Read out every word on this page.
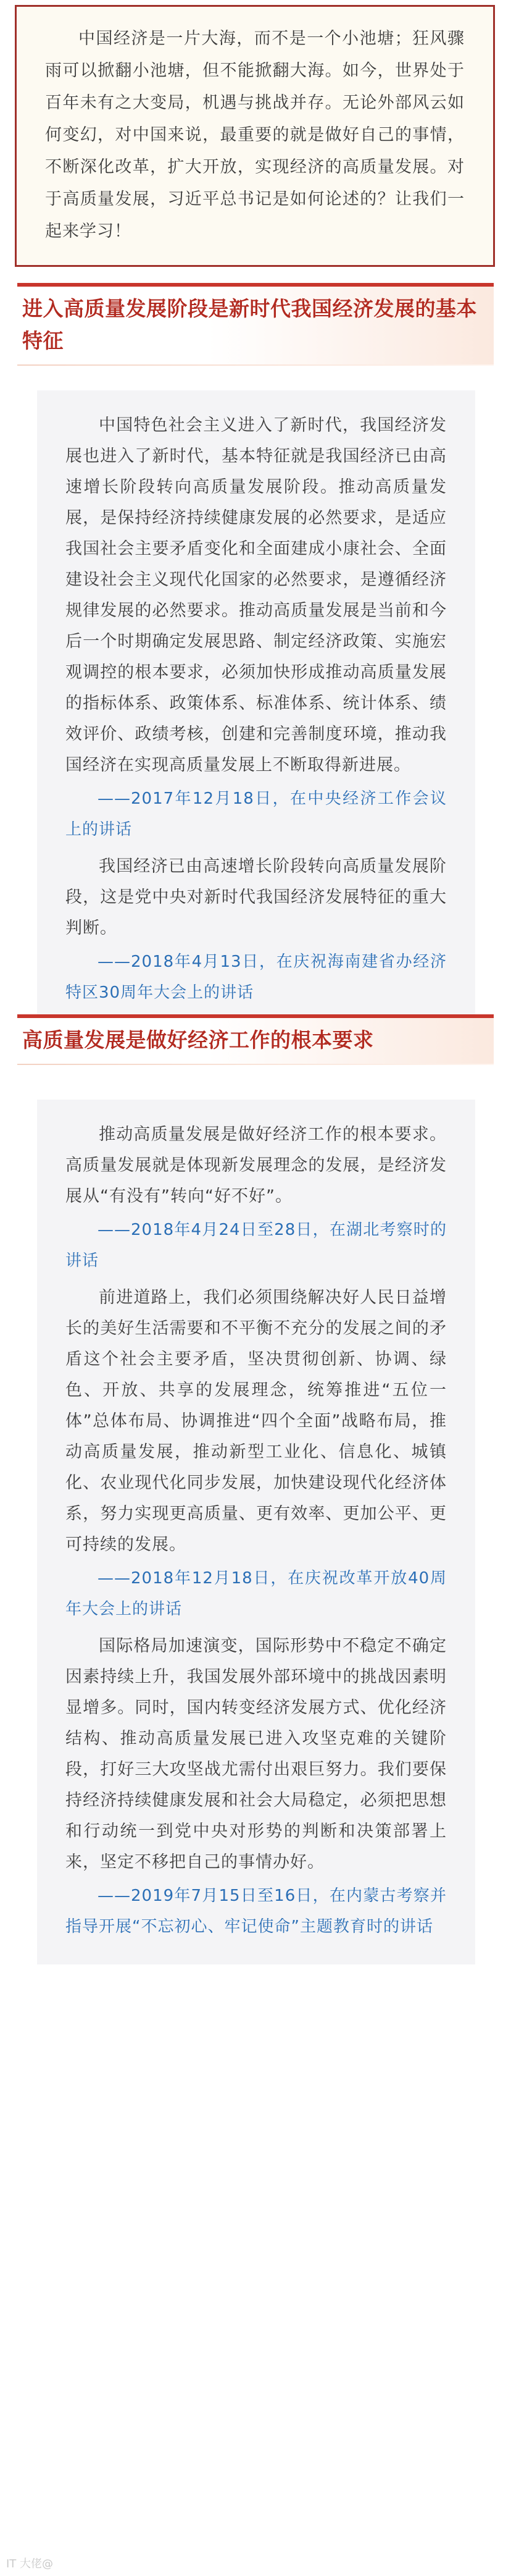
中国经济是一片大海，而不是一个小池塘；狂风骤雨可以掀翻小池塘，但不能掀翻大海。如今，世界处于百年未有之大变局，机遇与挑战并存。无论外部风云如何变幻，对中国来说，最重要的就是做好自己的事情，不断深化改革，扩大开放，实现经济的高质量发展。对于高质量发展，习近平总书记是如何论述的？让我们一起来学习！

进入高质量发展阶段是新时代我国经济发展的基本特征

中国特色社会主义进入了新时代，我国经济发展也进入了新时代，基本特征就是我国经济已由高速增长阶段转向高质量发展阶段。推动高质量发展，是保持经济持续健康发展的必然要求，是适应我国社会主要矛盾变化和全面建成小康社会、全面建设社会主义现代化国家的必然要求，是遵循经济规律发展的必然要求。推动高质量发展是当前和今后一个时期确定发展思路、制定经济政策、实施宏观调控的根本要求，必须加快形成推动高质量发展的指标体系、政策体系、标准体系、统计体系、绩效评价、政绩考核，创建和完善制度环境，推动我国经济在实现高质量发展上不断取得新进展。

——2017年12月18日，在中央经济工作会议上的讲话

我国经济已由高速增长阶段转向高质量发展阶段，这是党中央对新时代我国经济发展特征的重大判断。

——2018年4月13日，在庆祝海南建省办经济特区30周年大会上的讲话

高质量发展是做好经济工作的根本要求

推动高质量发展是做好经济工作的根本要求。高质量发展就是体现新发展理念的发展，是经济发展从“有没有”转向“好不好”。

——2018年4月24日至28日，在湖北考察时的讲话

前进道路上，我们必须围绕解决好人民日益增长的美好生活需要和不平衡不充分的发展之间的矛盾这个社会主要矛盾，坚决贯彻创新、协调、绿色、开放、共享的发展理念，统筹推进“五位一体”总体布局、协调推进“四个全面”战略布局，推动高质量发展，推动新型工业化、信息化、城镇化、农业现代化同步发展，加快建设现代化经济体系，努力实现更高质量、更有效率、更加公平、更可持续的发展。

——2018年12月18日，在庆祝改革开放40周年大会上的讲话

国际格局加速演变，国际形势中不稳定不确定因素持续上升，我国发展外部环境中的挑战因素明显增多。同时，国内转变经济发展方式、优化经济结构、推动高质量发展已进入攻坚克难的关键阶段，打好三大攻坚战尤需付出艰巨努力。我们要保持经济持续健康发展和社会大局稳定，必须把思想和行动统一到党中央对形势的判断和决策部署上来，坚定不移把自己的事情办好。

——2019年7月15日至16日，在内蒙古考察并指导开展“不忘初心、牢记使命”主题教育时的讲话

IT 大佬@
